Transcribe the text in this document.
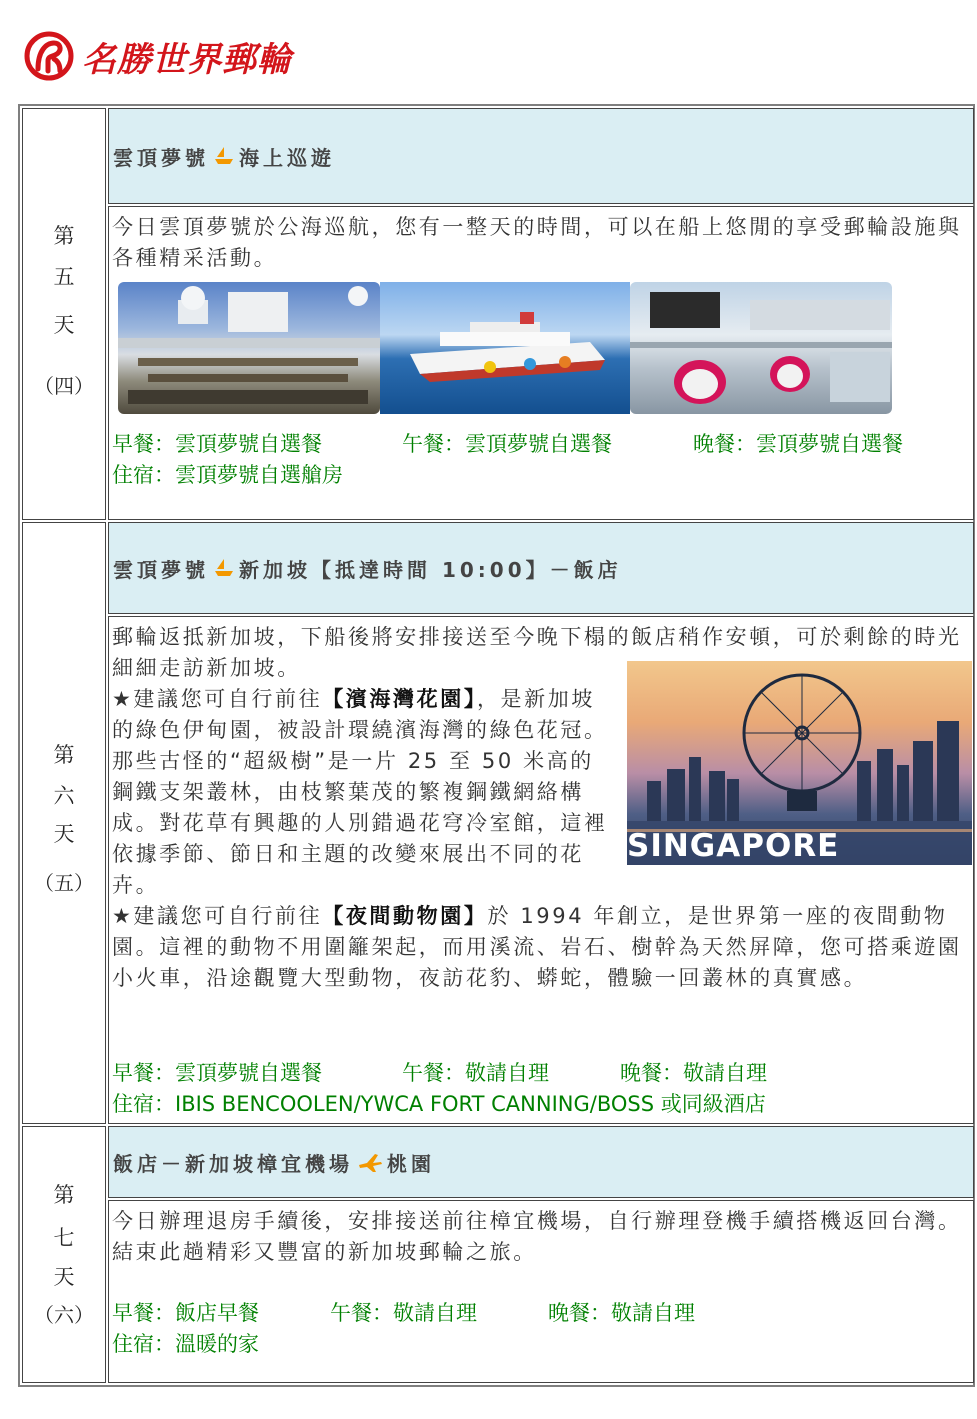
名勝世界郵輪
第
五
天
（四）
雲頂夢號 海上巡遊
今日雲頂夢號於公海巡航，您有一整天的時間，可以在船上悠閒的享受郵輪設施與各種精采活動。
早餐：雲頂夢號自選餐	午餐：雲頂夢號自選餐	晚餐：雲頂夢號自選餐
住宿：雲頂夢號自選艙房
第
六
天
（五）
雲頂夢號 新加坡【抵達時間 10:00】－飯店
郵輪返抵新加坡，下船後將安排接送至今晚下榻的飯店稍作安頓，可於剩餘的時光細細走訪新加坡。
★建議您可自行前往【濱海灣花園】，是新加坡的綠色伊甸園，被設計環繞濱海灣的綠色花冠。那些古怪的“超級樹”是一片 25 至 50 米高的鋼鐵支架叢林，由枝繁葉茂的繁複鋼鐵網絡構成。對花草有興趣的人別錯過花穹冷室館，這裡依據季節、節日和主題的改變來展出不同的花卉。
SINGAPORE
★建議您可自行前往【夜間動物園】於 1994 年創立，是世界第一座的夜間動物園。這裡的動物不用圍籬架起，而用溪流、岩石、樹幹為天然屏障，您可搭乘遊園小火車，沿途觀覽大型動物，夜訪花豹、蟒蛇，體驗一回叢林的真實感。
早餐：雲頂夢號自選餐	午餐：敬請自理	晚餐：敬請自理
住宿：IBIS BENCOOLEN/YWCA FORT CANNING/BOSS 或同級酒店
第
七
天
（六）
飯店－新加坡樟宜機場 桃園
今日辦理退房手續後，安排接送前往樟宜機場，自行辦理登機手續搭機返回台灣。結束此趟精彩又豐富的新加坡郵輪之旅。
早餐：飯店早餐	午餐：敬請自理	晚餐：敬請自理
住宿：溫暖的家
